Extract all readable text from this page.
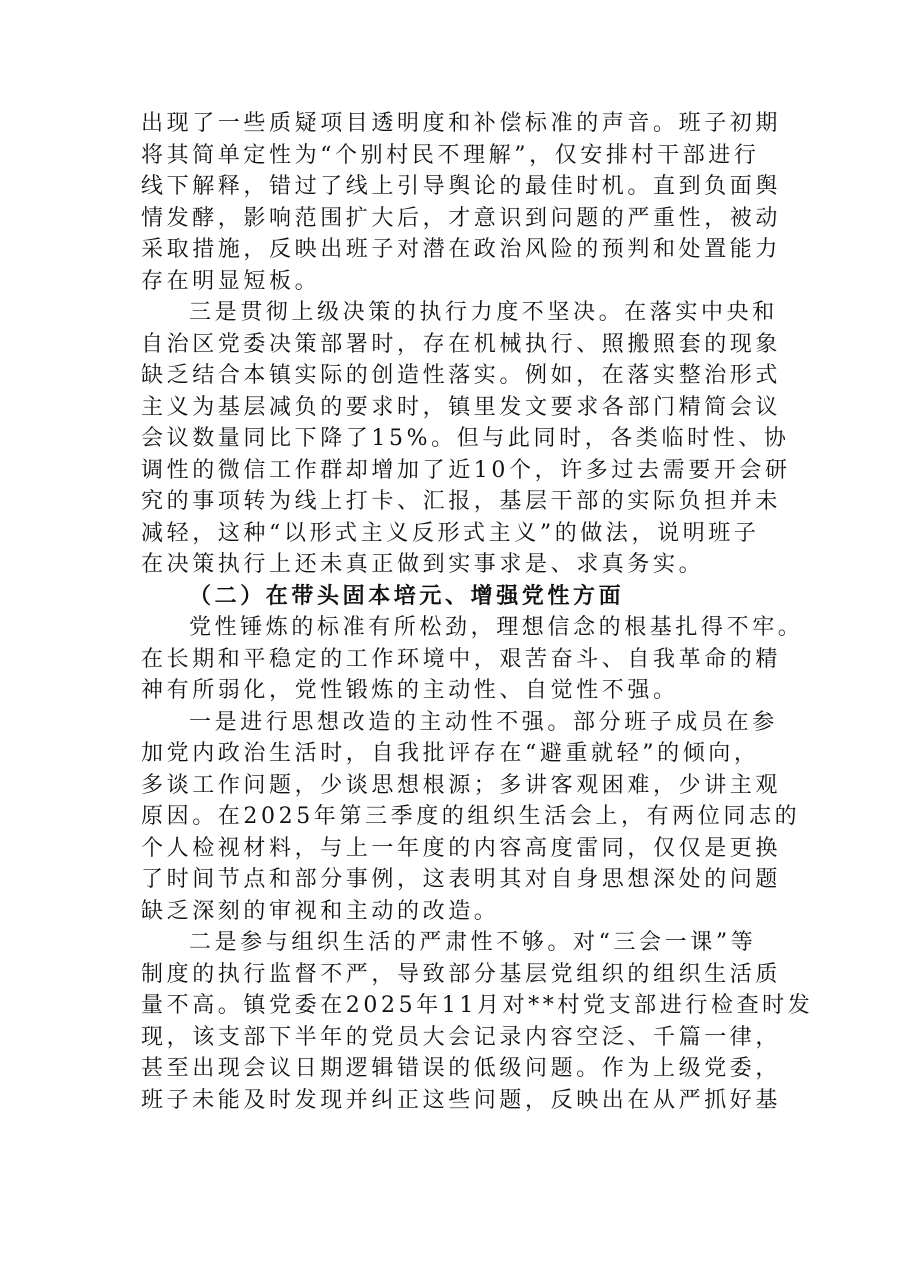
出现了一些质疑项目透明度和补偿标准的声音。班子初期
将其简单定性为“个别村民不理解”，仅安排村干部进行
线下解释，错过了线上引导舆论的最佳时机。直到负面舆
情发酵，影响范围扩大后，才意识到问题的严重性，被动
采取措施，反映出班子对潜在政治风险的预判和处置能力
存在明显短板。
三是贯彻上级决策的执行力度不坚决。在落实中央和
自治区党委决策部署时，存在机械执行、照搬照套的现象
缺乏结合本镇实际的创造性落实。例如，在落实整治形式
主义为基层减负的要求时，镇里发文要求各部门精简会议
会议数量同比下降了15%。但与此同时，各类临时性、协
调性的微信工作群却增加了近10个，许多过去需要开会研
究的事项转为线上打卡、汇报，基层干部的实际负担并未
减轻，这种“以形式主义反形式主义”的做法，说明班子
在决策执行上还未真正做到实事求是、求真务实。
（二）在带头固本培元、增强党性方面
党性锤炼的标准有所松劲，理想信念的根基扎得不牢。
在长期和平稳定的工作环境中，艰苦奋斗、自我革命的精
神有所弱化，党性锻炼的主动性、自觉性不强。
一是进行思想改造的主动性不强。部分班子成员在参
加党内政治生活时，自我批评存在“避重就轻”的倾向，
多谈工作问题，少谈思想根源；多讲客观困难，少讲主观
原因。在2025年第三季度的组织生活会上，有两位同志的
个人检视材料，与上一年度的内容高度雷同，仅仅是更换
了时间节点和部分事例，这表明其对自身思想深处的问题
缺乏深刻的审视和主动的改造。
二是参与组织生活的严肃性不够。对“三会一课”等
制度的执行监督不严，导致部分基层党组织的组织生活质
量不高。镇党委在2025年11月对**村党支部进行检查时发
现，该支部下半年的党员大会记录内容空泛、千篇一律，
甚至出现会议日期逻辑错误的低级问题。作为上级党委，
班子未能及时发现并纠正这些问题，反映出在从严抓好基
